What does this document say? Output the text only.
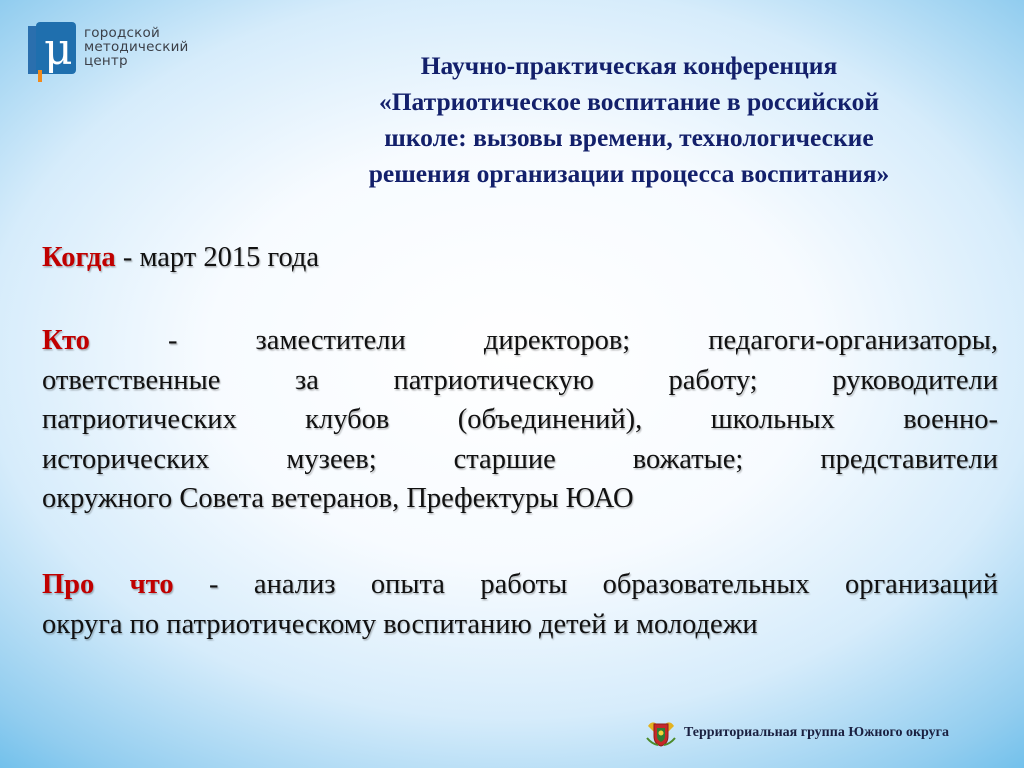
μ городской
методический
центр	Научно-практическая конференция
«Патриотическое воспитание в российской
школе: вызовы времени, технологические
решения организации процесса воспитания»
Когда - март 2015 года
Кто - заместители директоров; педагоги-организаторы,
ответственные за патриотическую работу; руководители
патриотических клубов (объединений), школьных военно-
исторических музеев; старшие вожатые; представители
окружного Совета ветеранов, Префектуры ЮАО
Про что - анализ опыта работы образовательных организаций
округа по патриотическому воспитанию детей и молодежи
Территориальная группа Южного округа
